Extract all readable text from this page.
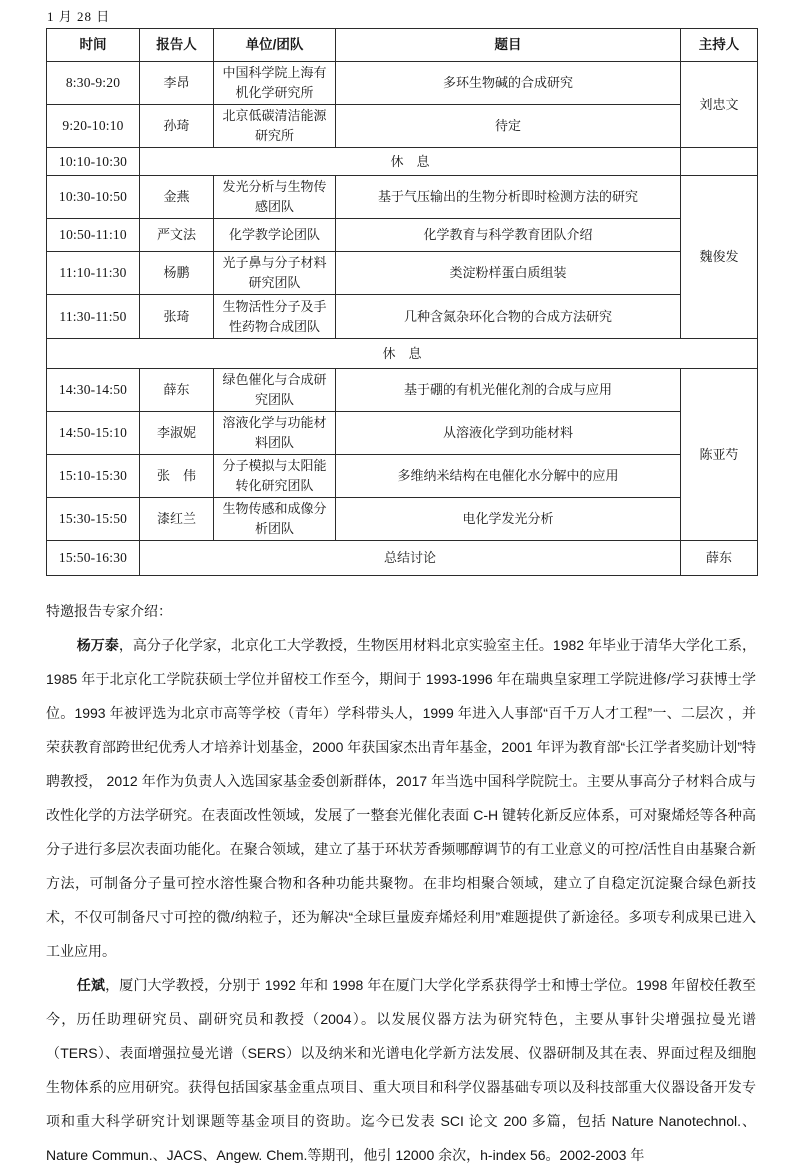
1 月 28 日
时间	报告人	单位/团队	题目	主持人
8:30-9:20	李昂	中国科学院上海有机化学研究所	多环生物碱的合成研究	刘忠文
9:20-10:10	孙琦	北京低碳清洁能源研究所	待定	
10:10-10:30	休　息			
10:30-10:50	金燕	发光分析与生物传感团队	基于气压输出的生物分析即时检测方法的研究	魏俊发
10:50-11:10	严文法	化学教学论团队	化学教育与科学教育团队介绍	
11:10-11:30	杨鹏	光子鼻与分子材料研究团队	类淀粉样蛋白质组装	
11:30-11:50	张琦	生物活性分子及手性药物合成团队	几种含氮杂环化合物的合成方法研究	
休　息				
14:30-14:50	薛东	绿色催化与合成研究团队	基于硼的有机光催化剂的合成与应用	陈亚芍
14:50-15:10	李淑妮	溶液化学与功能材料团队	从溶液化学到功能材料	
15:10-15:30	张　伟	分子模拟与太阳能转化研究团队	多维纳米结构在电催化水分解中的应用	
15:30-15:50	漆红兰	生物传感和成像分析团队	电化学发光分析	
15:50-16:30	总结讨论			薛东

特邀报告专家介绍：

杨万泰，高分子化学家，北京化工大学教授，生物医用材料北京实验室主任。1982 年毕业于清华大学化工系，1985 年于北京化工学院获硕士学位并留校工作至今，期间于 1993-1996 年在瑞典皇家理工学院进修/学习获博士学位。1993 年被评选为北京市高等学校（青年）学科带头人，1999 年进入人事部“百千万人才工程”一、二层次 ，并荣获教育部跨世纪优秀人才培养计划基金，2000 年获国家杰出青年基金，2001 年评为教育部“长江学者奖励计划”特聘教授， 2012 年作为负责人入选国家基金委创新群体，2017 年当选中国科学院院士。主要从事高分子材料合成与改性化学的方法学研究。在表面改性领域，发展了一整套光催化表面 C-H 键转化新反应体系，可对聚烯烃等各种高分子进行多层次表面功能化。在聚合领域，建立了基于环状芳香频哪醇调节的有工业意义的可控/活性自由基聚合新方法，可制备分子量可控水溶性聚合物和各种功能共聚物。在非均相聚合领域，建立了自稳定沉淀聚合绿色新技术，不仅可制备尺寸可控的微/纳粒子，还为解决“全球巨量废弃烯烃利用”难题提供了新途径。多项专利成果已进入工业应用。

任斌，厦门大学教授，分别于 1992 年和 1998 年在厦门大学化学系获得学士和博士学位。1998 年留校任教至今，历任助理研究员、副研究员和教授（2004）。以发展仪器方法为研究特色，主要从事针尖增强拉曼光谱（TERS）、表面增强拉曼光谱（SERS）以及纳米和光谱电化学新方法发展、仪器研制及其在表、界面过程及细胞生物体系的应用研究。获得包括国家基金重点项目、重大项目和科学仪器基础专项以及科技部重大仪器设备开发专项和重大科学研究计划课题等基金项目的资助。迄今已发表 SCI 论文 200 多篇，包括 Nature Nanotechnol.、Nature Commun.、JACS、Angew. Chem.等期刊，他引 12000 余次，h-index 56。2002-2003 年
